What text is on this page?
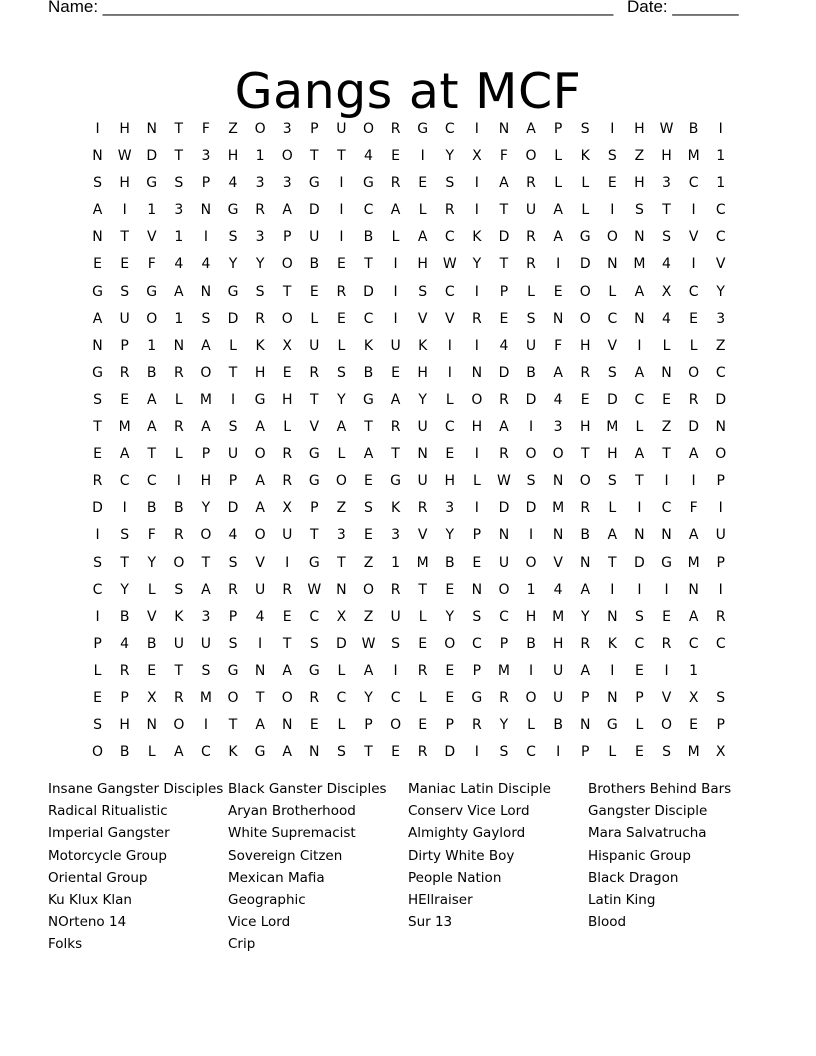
Name: ______________________________________________________ Date: _______
Gangs at MCF
I H N T F Z O 3 P U O R G C I N A P S I H W B I
N W D T 3 H 1 O T T 4 E I Y X F O L K S Z H M 1
S H G S P 4 3 3 G I G R E S I A R L L E H 3 C 1
A I 1 3 N G R A D I C A L R I T U A L I S T I C
N T V 1 I S 3 P U I B L A C K D R A G O N S V C
E E F 4 4 Y Y O B E T I H W Y T R I D N M 4 I V
G S G A N G S T E R D I S C I P L E O L A X C Y
A U O 1 S D R O L E C I V V R E S N O C N 4 E 3
N P 1 N A L K X U L K U K I I 4 U F H V I L L Z
G R B R O T H E R S B E H I N D B A R S A N O C
S E A L M I G H T Y G A Y L O R D 4 E D C E R D
T M A R A S A L V A T R U C H A I 3 H M L Z D N
E A T L P U O R G L A T N E I R O O T H A T A O
R C C I H P A R G O E G U H L W S N O S T I I P
D I B B Y D A X P Z S K R 3 I D D M R L I C F I
I S F R O 4 O U T 3 E 3 V Y P N I N B A N N A U
S T Y O T S V I G T Z 1 M B E U O V N T D G M P
C Y L S A R U R W N O R T E N O 1 4 A I I I N I
I B V K 3 P 4 E C X Z U L Y S C H M Y N S E A R
P 4 B U U S I T S D W S E O C P B H R K C R C C
L R E T S G N A G L A I R E P M I U A I E I 1
E P X R M O T O R C Y C L E G R O U P N P V X S
S H N O I T A N E L P O E P R Y L B N G L O E P
O B L A C K G A N S T E R D I S C I P L E S M X
Insane Gangster Disciples
Radical Ritualistic
Imperial Gangster
Motorcycle Group
Oriental Group
Ku Klux Klan
NOrteno 14
Folks
Black Ganster Disciples
Aryan Brotherhood
White Supremacist
Sovereign Citzen
Mexican Mafia
Geographic
Vice Lord
Crip
Maniac Latin Disciple
Conserv Vice Lord
Almighty Gaylord
Dirty White Boy
People Nation
HEllraiser
Sur 13
Brothers Behind Bars
Gangster Disciple
Mara Salvatrucha
Hispanic Group
Black Dragon
Latin King
Blood
